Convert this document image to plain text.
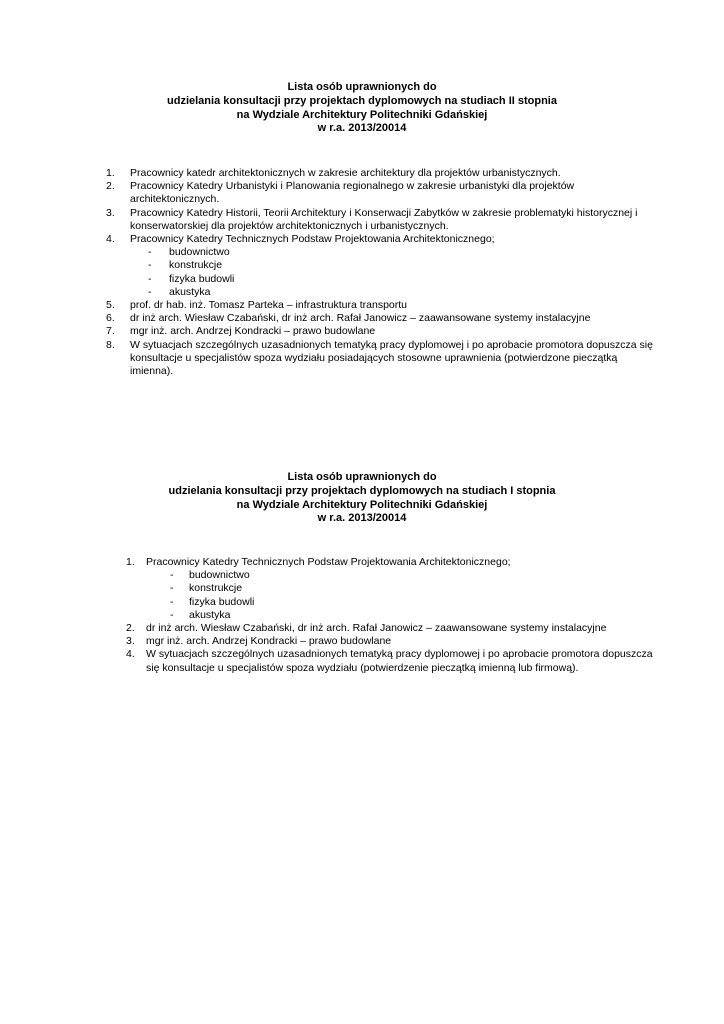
Lista osób uprawnionych do
udzielania konsultacji przy projektach dyplomowych na studiach II stopnia
na Wydziale Architektury Politechniki Gdańskiej
w r.a. 2013/20014
1. Pracownicy katedr architektonicznych w zakresie architektury dla projektów urbanistycznych.
2. Pracownicy Katedry Urbanistyki i Planowania regionalnego w zakresie urbanistyki dla projektów
architektonicznych.
3. Pracownicy Katedry Historii, Teorii Architektury i Konserwacji Zabytków w zakresie problematyki historycznej i
konserwatorskiej dla projektów architektonicznych i urbanistycznych.
4. Pracownicy Katedry Technicznych Podstaw Projektowania Architektonicznego;
- budownictwo
- konstrukcje
- fizyka budowli
- akustyka
5. prof. dr hab. inż. Tomasz Parteka – infrastruktura transportu
6. dr inż arch. Wiesław Czabański, dr inż arch. Rafał Janowicz – zaawansowane systemy instalacyjne
7. mgr inż. arch. Andrzej Kondracki – prawo budowlane
8. W sytuacjach szczególnych uzasadnionych tematyką pracy dyplomowej i po aprobacie promotora dopuszcza się
konsultacje u specjalistów spoza wydziału posiadających stosowne uprawnienia (potwierdzone pieczątką
imienna).
Lista osób uprawnionych do
udzielania konsultacji przy projektach dyplomowych na studiach I stopnia
na Wydziale Architektury Politechniki Gdańskiej
w r.a. 2013/20014
1. Pracownicy Katedry Technicznych Podstaw Projektowania Architektonicznego;
- budownictwo
- konstrukcje
- fizyka budowli
- akustyka
2. dr inż arch. Wiesław Czabański, dr inż arch. Rafał Janowicz – zaawansowane systemy instalacyjne
3. mgr inż. arch. Andrzej Kondracki – prawo budowlane
4. W sytuacjach szczególnych uzasadnionych tematyką pracy dyplomowej i po aprobacie promotora dopuszcza
się konsultacje u specjalistów spoza wydziału (potwierdzenie pieczątką imienną lub firmową).
